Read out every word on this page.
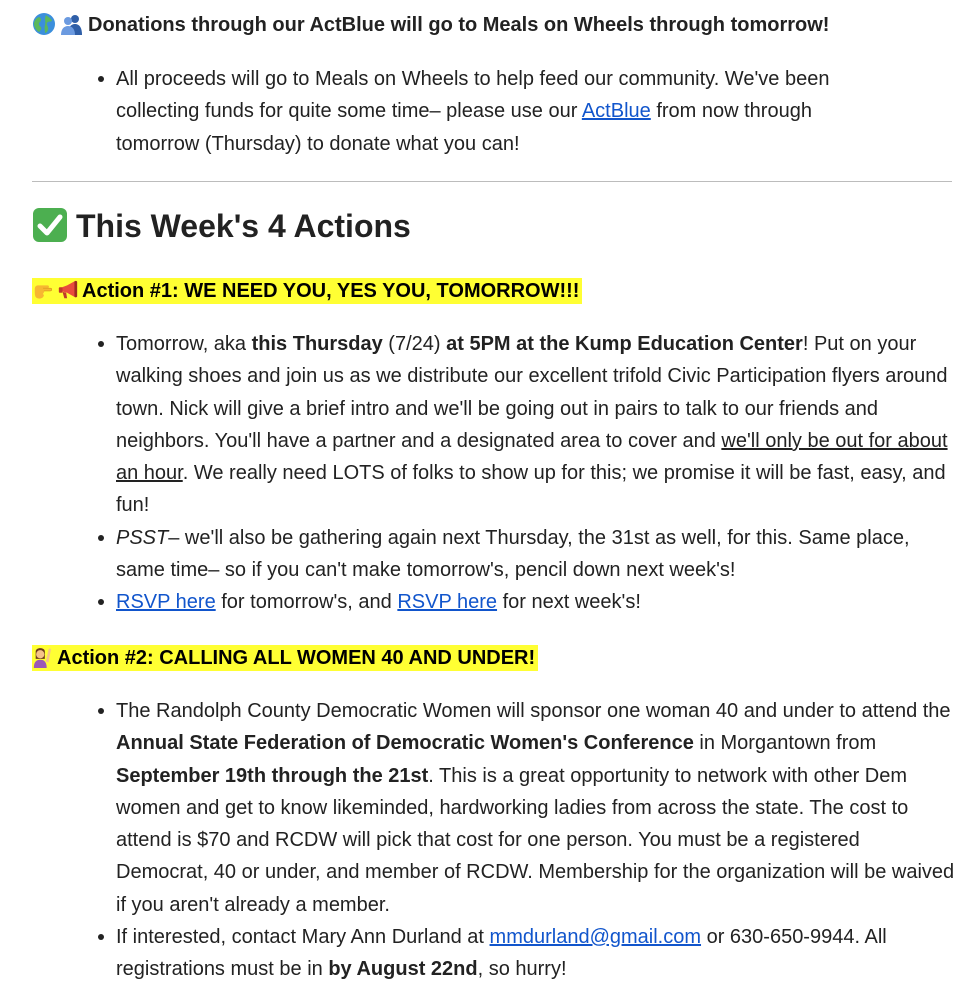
Donations through our ActBlue will go to Meals on Wheels through tomorrow!
All proceeds will go to Meals on Wheels to help feed our community. We've been collecting funds for quite some time– please use our ActBlue from now through tomorrow (Thursday) to donate what you can!
This Week's 4 Actions
Action #1: WE NEED YOU, YES YOU, TOMORROW!!!
Tomorrow, aka this Thursday (7/24) at 5PM at the Kump Education Center! Put on your walking shoes and join us as we distribute our excellent trifold Civic Participation flyers around town. Nick will give a brief intro and we'll be going out in pairs to talk to our friends and neighbors. You'll have a partner and a designated area to cover and we'll only be out for about an hour. We really need LOTS of folks to show up for this; we promise it will be fast, easy, and fun!
PSST– we'll also be gathering again next Thursday, the 31st as well, for this. Same place, same time– so if you can't make tomorrow's, pencil down next week's!
RSVP here for tomorrow's, and RSVP here for next week's!
Action #2: CALLING ALL WOMEN 40 AND UNDER!
The Randolph County Democratic Women will sponsor one woman 40 and under to attend the Annual State Federation of Democratic Women's Conference in Morgantown from September 19th through the 21st. This is a great opportunity to network with other Dem women and get to know likeminded, hardworking ladies from across the state. The cost to attend is $70 and RCDW will pick that cost for one person. You must be a registered Democrat, 40 or under, and member of RCDW. Membership for the organization will be waived if you aren't already a member.
If interested, contact Mary Ann Durland at mmdurland@gmail.com or 630-650-9944. All registrations must be in by August 22nd, so hurry!
